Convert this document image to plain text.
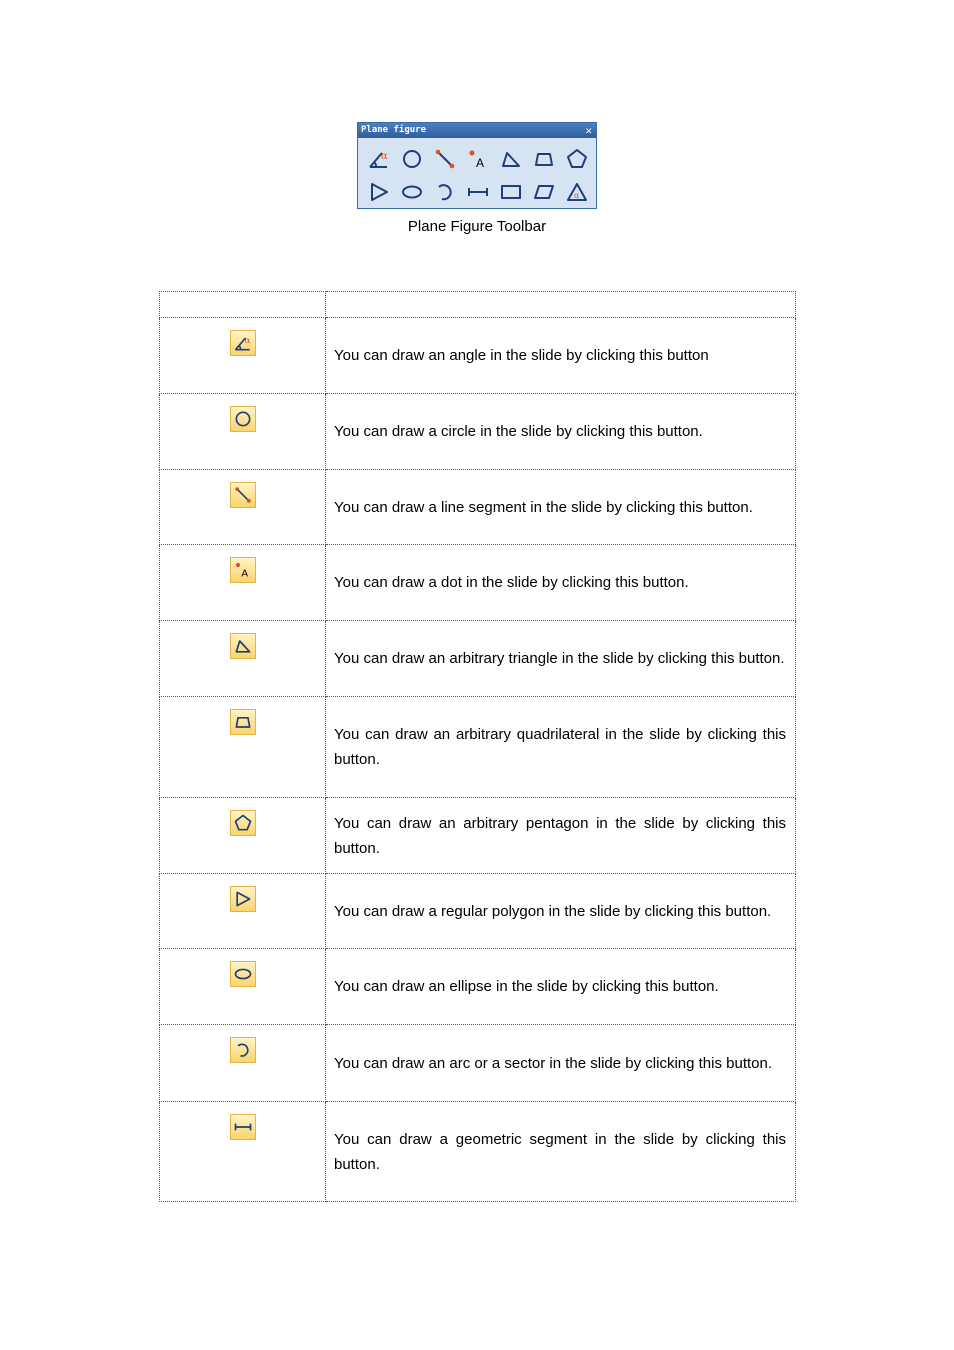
Plane figure	✕
α	A
α
Plane Figure Toolbar

α	You can draw an angle in the slide by clicking this button

	You can draw a circle in the slide by clicking this button.

	You can draw a line segment in the slide by clicking this button.

A	You can draw a dot in the slide by clicking this button.

	You can draw an arbitrary triangle in the slide by clicking this button.

	You can draw an arbitrary quadrilateral in the slide by clicking this button.

	You can draw an arbitrary pentagon in the slide by clicking this button.

	You can draw a regular polygon in the slide by clicking this button.

	You can draw an ellipse in the slide by clicking this button.

	You can draw an arc or a sector in the slide by clicking this button.

	You can draw a geometric segment in the slide by clicking this button.
